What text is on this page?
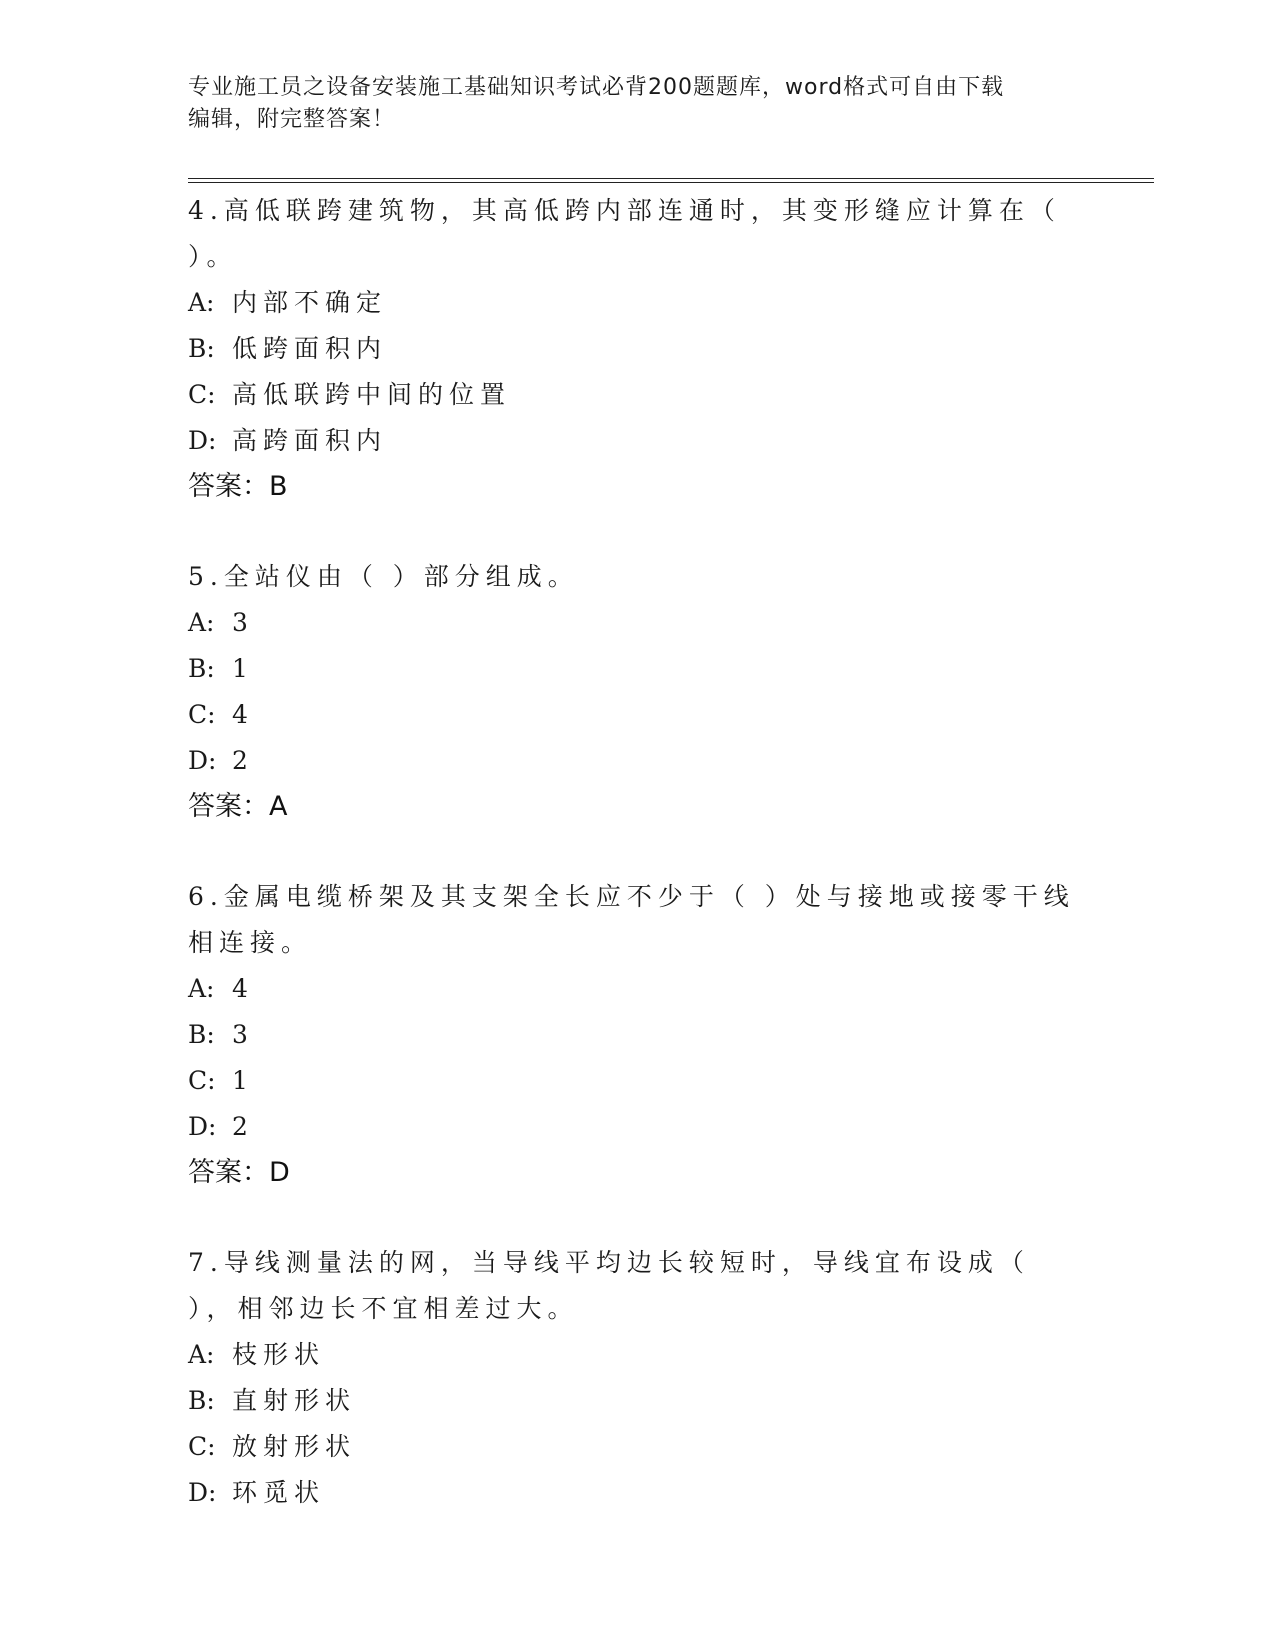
专业施工员之设备安装施工基础知识考试必背200题题库，word格式可自由下载
编辑，附完整答案！

4.高低联跨建筑物，其高低跨内部连通时，其变形缝应计算在（ ）。

A: 内部不确定
B: 低跨面积内
C: 高低联跨中间的位置
D: 高跨面积内
答案：B

5.全站仪由（ ）部分组成。

A: 3
B: 1
C: 4
D: 2
答案：A

6.金属电缆桥架及其支架全长应不少于（ ）处与接地或接零干线相连接。

A: 4
B: 3
C: 1
D: 2
答案：D

7.导线测量法的网，当导线平均边长较短时，导线宜布设成（ ），相邻边长不宜相差过大。

A: 枝形状
B: 直射形状
C: 放射形状
D: 环觅状
